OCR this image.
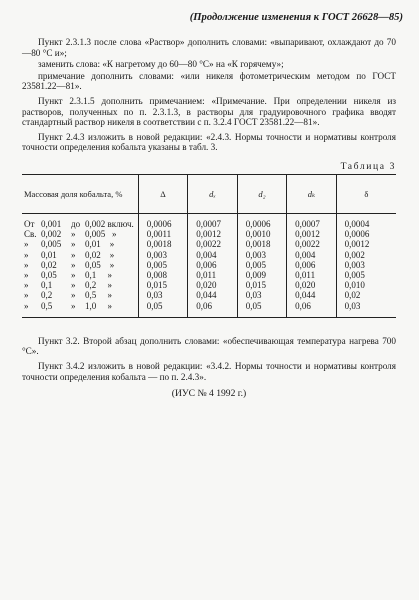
(Продолжение изменения к ГОСТ 26628—85)

Пункт 2.3.1.3 после слова «Раствор» дополнить словами: «выпаривают, охлаждают до 70—80 °С и»;

заменить слова: «К нагретому до 60—80 °С» на «К горячему»;

примечание дополнить словами: «или никеля фотометрическим методом по ГОСТ 23581.22—81».

Пункт 2.3.1.5 дополнить примечанием: «Примечание. При определении никеля из растворов, полученных по п. 2.3.1.3, в растворы для градуировочного графика вводят стандартный раствор никеля в соответствии с п. 3.2.4 ГОСТ 23581.22—81».

Пункт 2.4.3 изложить в новой редакции: «2.4.3. Нормы точности и нормативы контроля точности определения кобальта указаны в табл. 3.

Таблица 3
Массовая доля кобальта, %	Δ	dₓ	d₂	dₖ	δ
От 0,001 до 0,002 включ.	0,0006	0,0007	0,0006	0,0007	0,0004
Св. 0,002 » 0,005   »	0,0011	0,0012	0,0010	0,0012	0,0006
» 0,005 » 0,01    »	0,0018	0,0022	0,0018	0,0022	0,0012
» 0,01 » 0,02    »	0,003	0,004	0,003	0,004	0,002
» 0,02 » 0,05    »	0,005	0,006	0,005	0,006	0,003
» 0,05 » 0,1     »	0,008	0,011	0,009	0,011	0,005
» 0,1 » 0,2     »	0,015	0,020	0,015	0,020	0,010
» 0,2 » 0,5     »	0,03	0,044	0,03	0,044	0,02
» 0,5 » 1,0     »	0,05	0,06	0,05	0,06	0,03

Пункт 3.2. Второй абзац дополнить словами: «обеспечивающая температура нагрева 700 °С».

Пункт 3.4.2 изложить в новой редакции: «3.4.2. Нормы точности и нормативы контроля точности определения кобальта — по п. 2.4.3».

(ИУС № 4 1992 г.)
